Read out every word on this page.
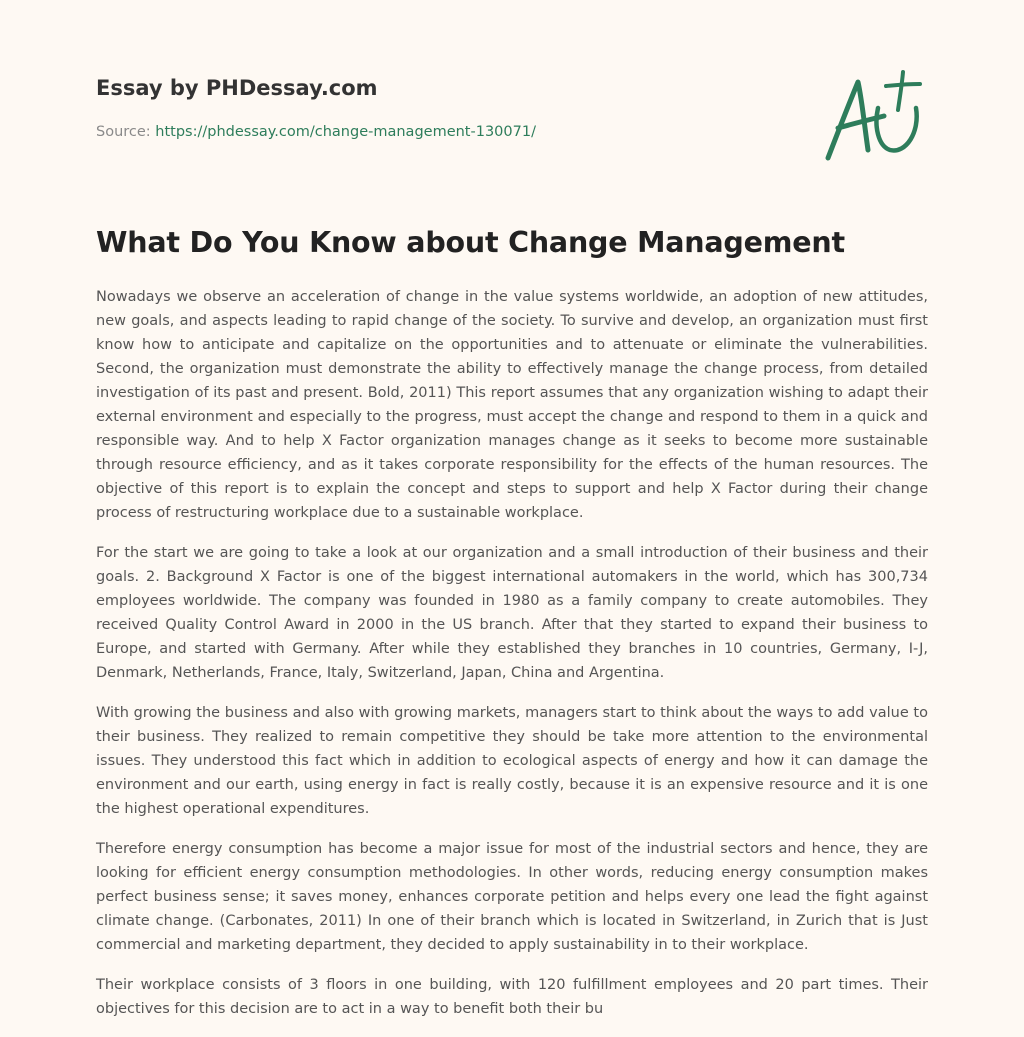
Essay by PHDessay.com
Source: https://phdessay.com/change-management-130071/
What Do You Know about Change Management

Nowadays we observe an acceleration of change in the value systems worldwide, an adoption of new attitudes, new goals, and aspects leading to rapid change of the society. To survive and develop, an organization must first know how to anticipate and capitalize on the opportunities and to attenuate or eliminate the vulnerabilities. Second, the organization must demonstrate the ability to effectively manage the change process, from detailed investigation of its past and present. Bold, 2011) This report assumes that any organization wishing to adapt their external environment and especially to the progress, must accept the change and respond to them in a quick and responsible way. And to help X Factor organization manages change as it seeks to become more sustainable through resource efficiency, and as it takes corporate responsibility for the effects of the human resources. The objective of this report is to explain the concept and steps to support and help X Factor during their change process of restructuring workplace due to a sustainable workplace.

For the start we are going to take a look at our organization and a small introduction of their business and their goals. 2. Background X Factor is one of the biggest international automakers in the world, which has 300,734 employees worldwide. The company was founded in 1980 as a family company to create automobiles. They received Quality Control Award in 2000 in the US branch. After that they started to expand their business to Europe, and started with Germany. After while they established they branches in 10 countries, Germany, I-J, Denmark, Netherlands, France, Italy, Switzerland, Japan, China and Argentina.

With growing the business and also with growing markets, managers start to think about the ways to add value to their business. They realized to remain competitive they should be take more attention to the environmental issues. They understood this fact which in addition to ecological aspects of energy and how it can damage the environment and our earth, using energy in fact is really costly, because it is an expensive resource and it is one the highest operational expenditures.

Therefore energy consumption has become a major issue for most of the industrial sectors and hence, they are looking for efficient energy consumption methodologies. In other words, reducing energy consumption makes perfect business sense; it saves money, enhances corporate petition and helps every one lead the fight against climate change. (Carbonates, 2011) In one of their branch which is located in Switzerland, in Zurich that is Just commercial and marketing department, they decided to apply sustainability in to their workplace.

Their workplace consists of 3 floors in one building, with 120 fulfillment employees and 20 part times. Their objectives for this decision are to act in a way to benefit both their bu
